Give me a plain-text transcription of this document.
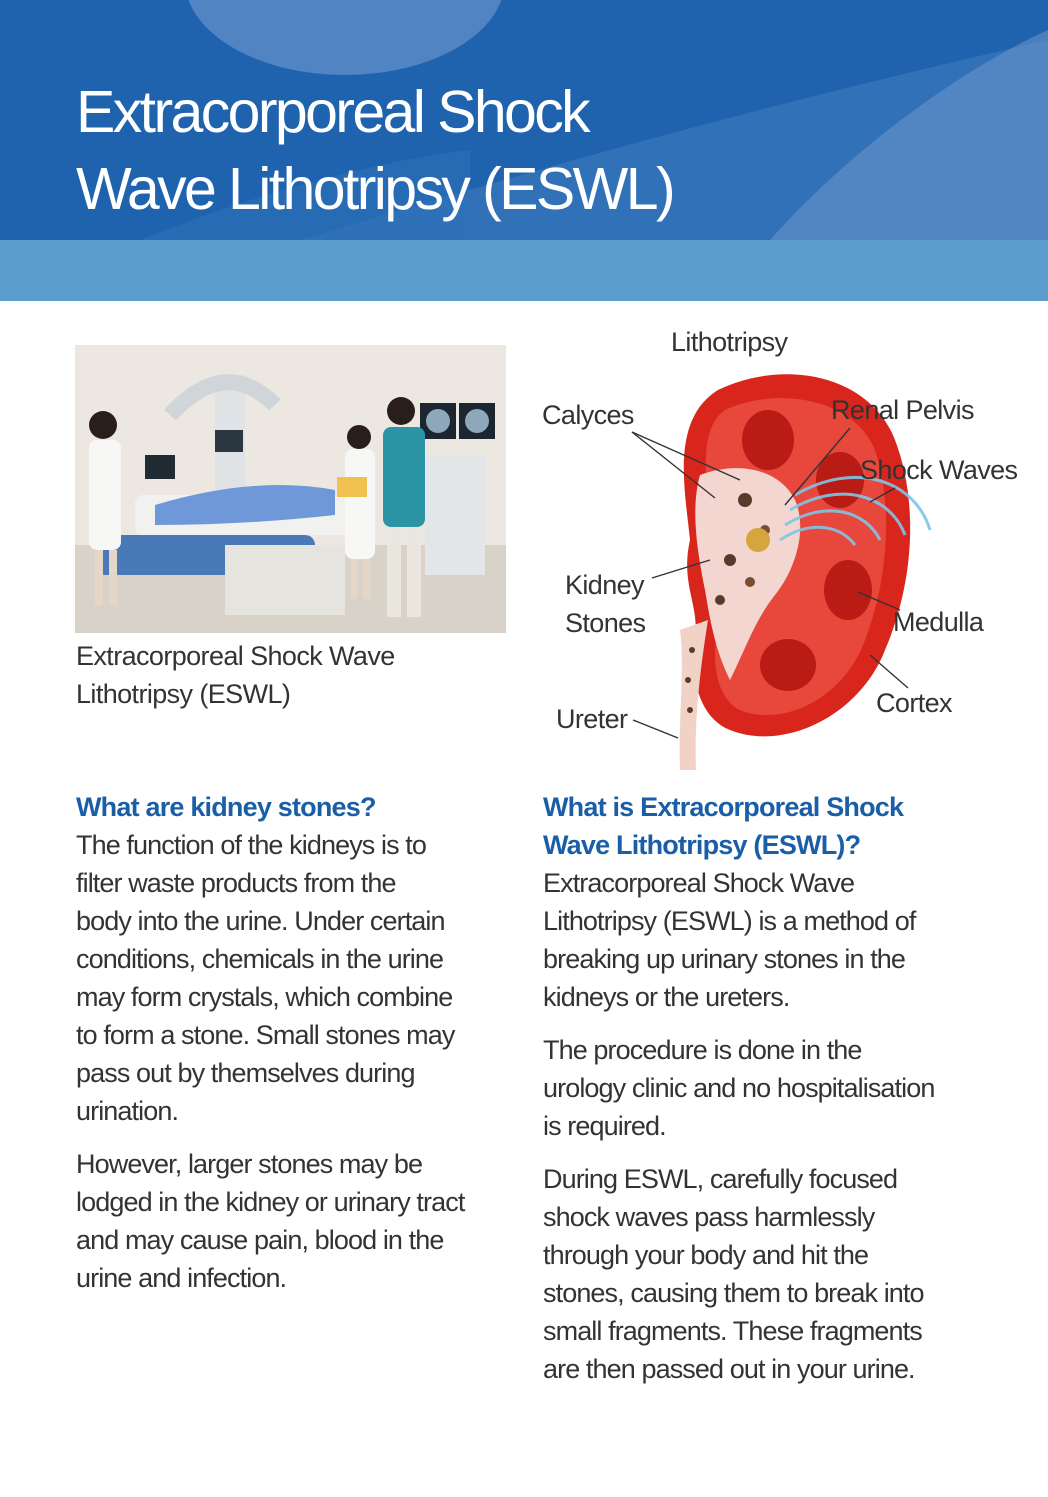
Extracorporeal Shock
Wave Lithotripsy (ESWL)
Extracorporeal Shock Wave
Lithotripsy (ESWL)
Lithotripsy
Calyces	Renal Pelvis
Shock Waves
Kidney
Stones	Medulla
Ureter
Cortex
What are kidney stones?

The function of the kidneys is to
filter waste products from the
body into the urine. Under certain
conditions, chemicals in the urine
may form crystals, which combine
to form a stone. Small stones may
pass out by themselves during
urination.

However, larger stones may be
lodged in the kidney or urinary tract
and may cause pain, blood in the
urine and infection.

What is Extracorporeal Shock
Wave Lithotripsy (ESWL)?

Extracorporeal Shock Wave
Lithotripsy (ESWL) is a method of
breaking up urinary stones in the
kidneys or the ureters.

The procedure is done in the
urology clinic and no hospitalisation
is required.

During ESWL, carefully focused
shock waves pass harmlessly
through your body and hit the
stones, causing them to break into
small fragments. These fragments
are then passed out in your urine.
